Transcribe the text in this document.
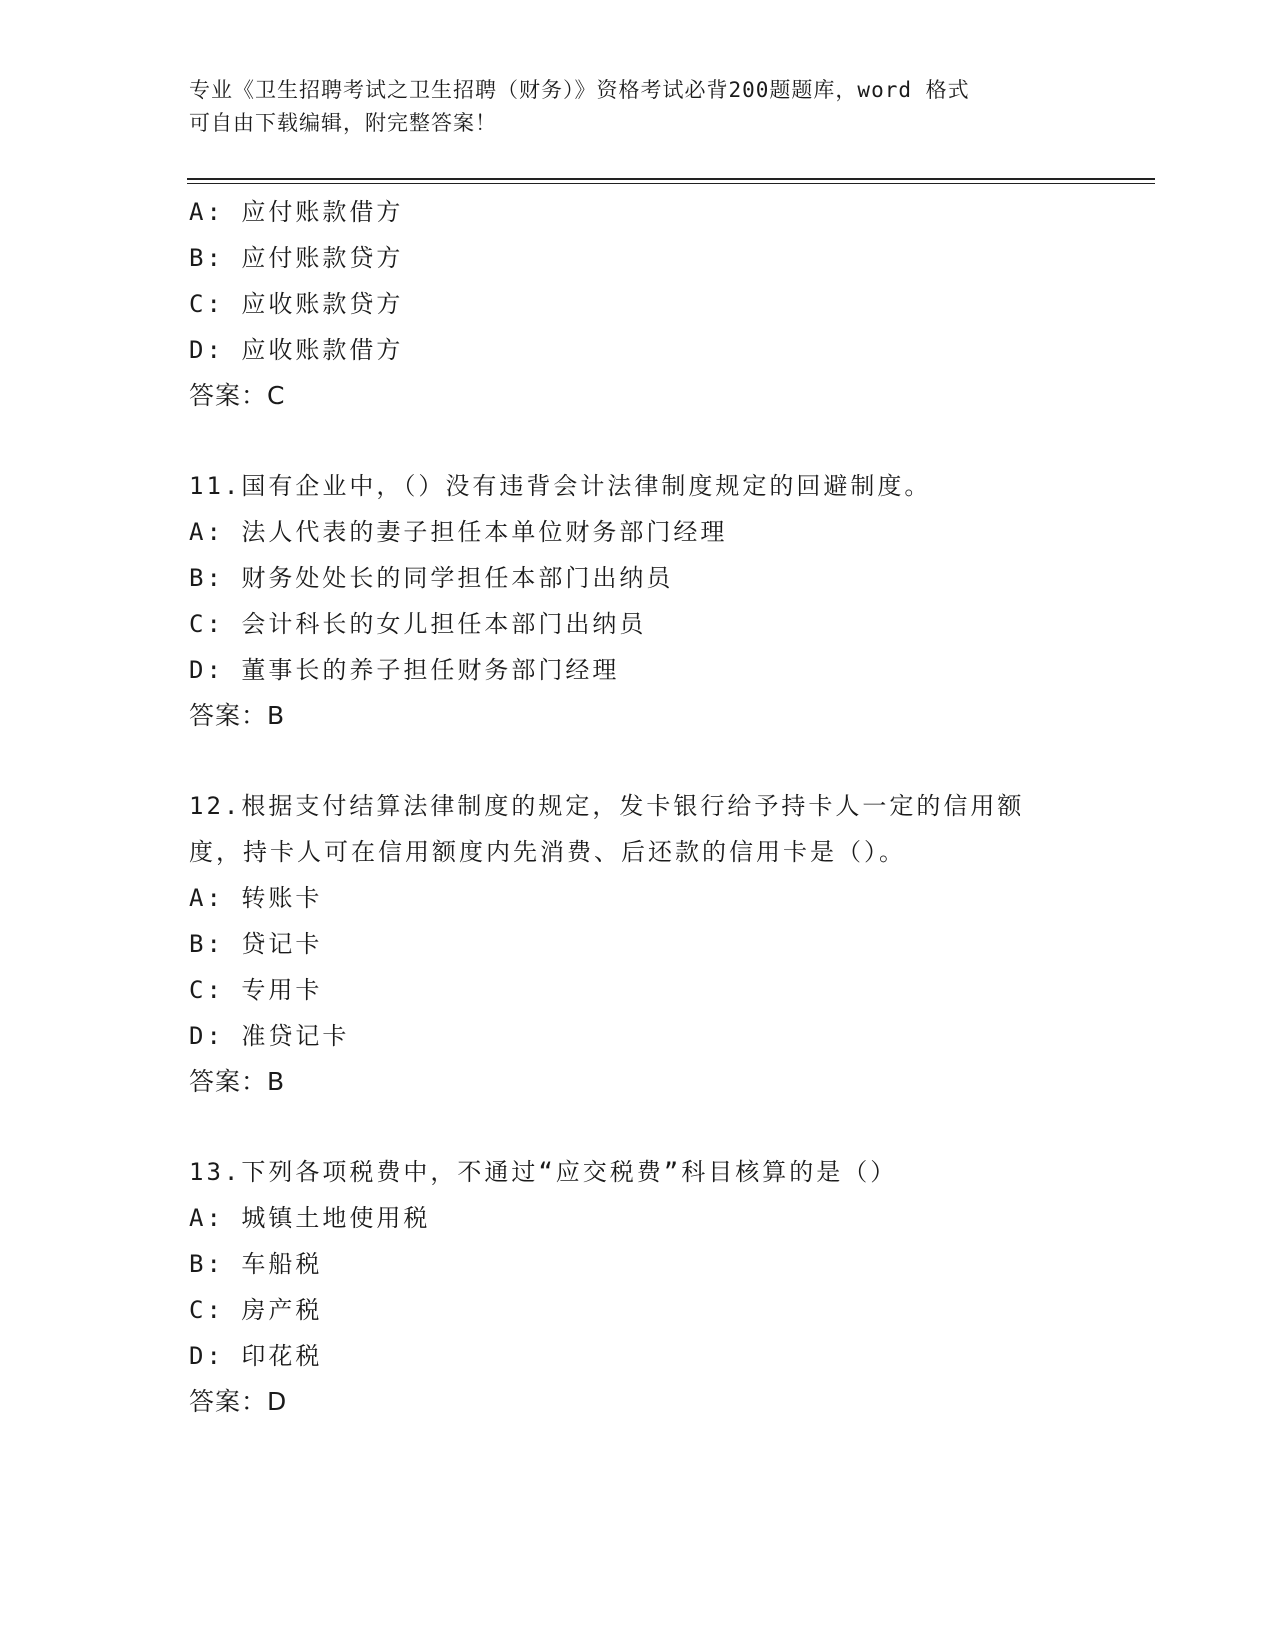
专业《卫生招聘考试之卫生招聘（财务）》资格考试必背200题题库，word 格式
可自由下载编辑，附完整答案！
A: 应付账款借方
B: 应付账款贷方
C: 应收账款贷方
D: 应收账款借方
答案：C
11.国有企业中，（）没有违背会计法律制度规定的回避制度。
A: 法人代表的妻子担任本单位财务部门经理
B: 财务处处长的同学担任本部门出纳员
C: 会计科长的女儿担任本部门出纳员
D: 董事长的养子担任财务部门经理
答案：B
12.根据支付结算法律制度的规定，发卡银行给予持卡人一定的信用额
度，持卡人可在信用额度内先消费、后还款的信用卡是（）。
A: 转账卡
B: 贷记卡
C: 专用卡
D: 准贷记卡
答案：B
13.下列各项税费中，不通过“应交税费”科目核算的是（）
A: 城镇土地使用税
B: 车船税
C: 房产税
D: 印花税
答案：D
